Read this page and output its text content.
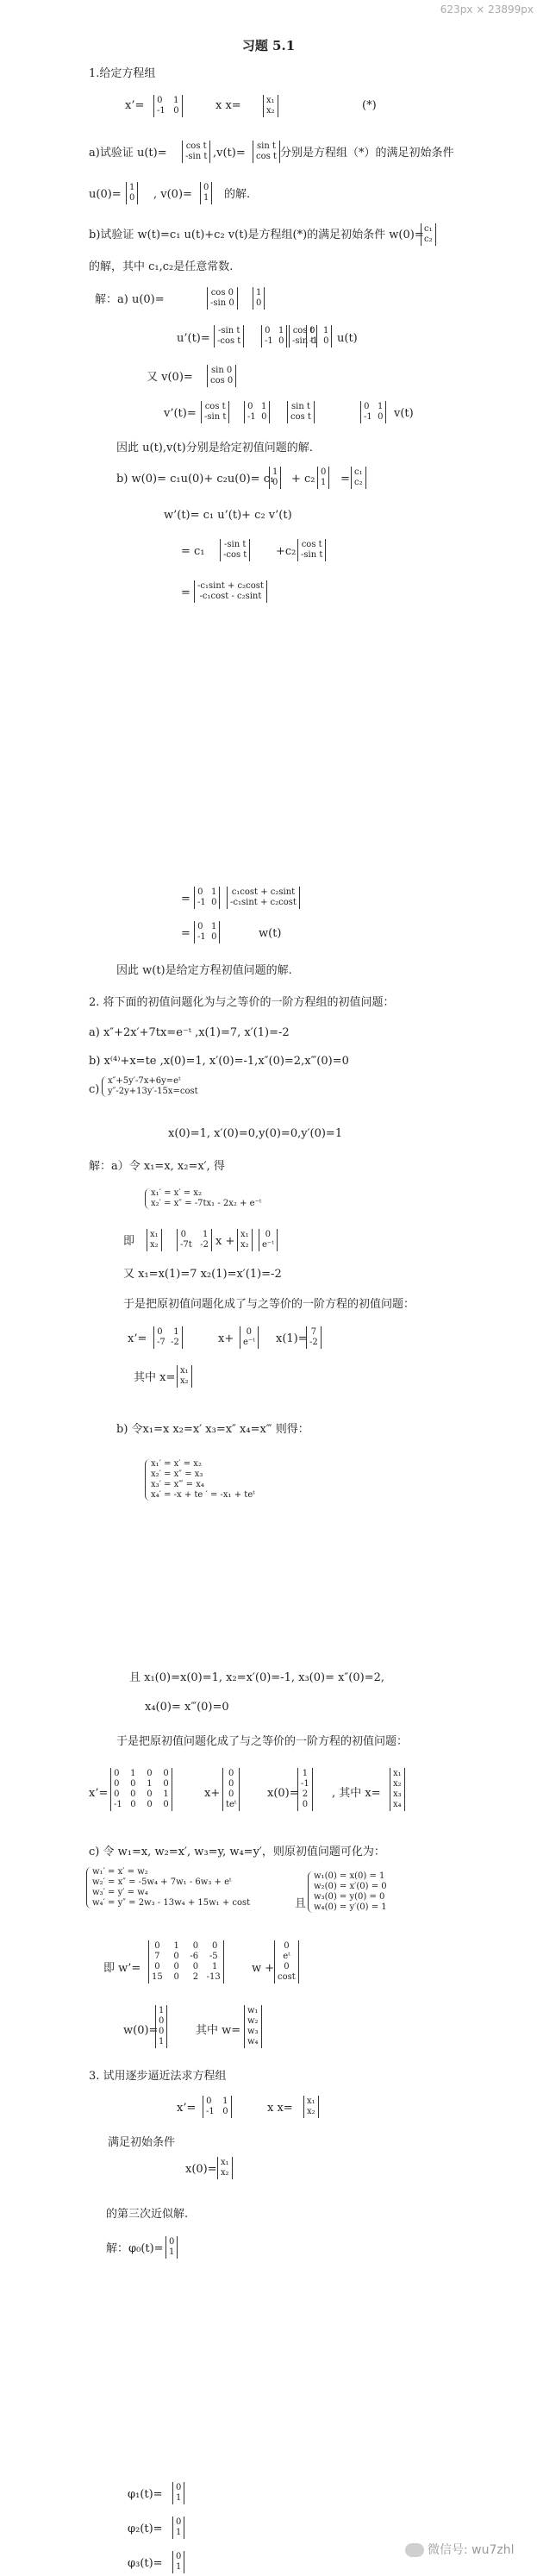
623px × 23899px
习题 5.1
1.给定方程组
x’=	x x=	(*)
a)试验证 u(t)=	,v(t)=	分别是方程组（*）的满足初始条件
u(0)=	, v(0)=	的解.
b)试验证 w(t)=c₁ u(t)+c₂ v(t)是方程组(*)的满足初始条件 w(0)=
的解，其中 c₁,c₂是任意常数.
解：a) u(0)=
u’(t)=	u(t)
又 v(0)=
v’(t)=	v(t)
因此 u(t),v(t)分别是给定初值问题的解.
b) w(0)= c₁u(0)+ c₂u(0)= c₁ + c₂ =
w’(t)= c₁ u’(t)+ c₂ v’(t)
= c₁	+c₂
=
=
=	w(t)
因此 w(t)是给定方程初值问题的解.
2. 将下面的初值问题化为与之等价的一阶方程组的初值问题：
a) x″+2x′+7tx=e⁻ᵗ ,x(1)=7, x′(1)=-2
b) x⁽⁴⁾+x=te ,x(0)=1, x′(0)=-1,x″(0)=2,x‴(0)=0
c)
x(0)=1, x′(0)=0,y(0)=0,y′(0)=1
解：a）令 x₁=x, x₂=x′, 得
即	x +
又 x₁=x(1)=7 x₂(1)=x′(1)=-2
于是把原初值问题化成了与之等价的一阶方程的初值问题：
x’=	x+	x(1)=
其中 x=
b) 令x₁=x x₂=x′ x₃=x″ x₄=x‴ 则得：
且 x₁(0)=x(0)=1, x₂=x′(0)=-1, x₃(0)= x″(0)=2,
x₄(0)= x‴(0)=0
于是把原初值问题化成了与之等价的一阶方程的初值问题：
x’=	x+	x(0)=	, 其中 x=
c) 令 w₁=x, w₂=x′, w₃=y, w₄=y′，则原初值问题可化为：
且
即 w’=	w +
w(0)=	其中 w=
3. 试用逐步逼近法求方程组
x’=	x x=
满足初始条件
x(0)=
的第三次近似解.
解：φ₀(t)=
φ₁(t)=
φ₂(t)=
φ₃(t)=
0    1
-1   0
x₁
x₂
cos t
-sin t
sin t
cos t
1
0
0
1
c₁
c₂
cos 0
-sin 0
1
0
-sin t
-cos t
0   1
-1  0
cos t
-sin t
0   1
-1  0
sin 0
cos 0
cos t
-sin t
0   1
-1  0
sin t
cos t
0   1
-1  0
1
0
0
1
c₁
c₂
-sin t
-cos t
cos t
-sin t
-c₁sint + c₂cost
-c₁cost - c₂sint
0   1
-1  0
c₁cost + c₂sint
-c₁sint + c₂cost
0   1
-1  0
x₁
x₂
0      1
-7t   -2
x₁
x₂
0
e⁻ᵗ
0    1
-7  -2
0
e⁻ᵗ
7
-2
x₁
x₂
0    1    0    0
0    0    1    0
0    0    0    1
-1   0    0    0
0
0
0
teᵗ
1
-1
2
0
x₁
x₂
x₃
x₄
0     1     0     0
7     0    -6    -5
0     0     0     1
15    0     2   -13
0
eᵗ
0
cost
1
0
0
1
w₁
w₂
w₃
w₄
0    1
-1   0
x₁
x₂
x₁
x₂
0
1
0
1
0
1
0
1
x″+5y′-7x+6y=eᵗ
y″-2y+13y′-15x=cost
x₁′ = x′ = x₂
x₂′ = x″ = -7tx₁ - 2x₂ + e⁻ᵗ
x₁′ = x′ = x₂
x₂′ = x″ = x₃
x₃′ = x‴ = x₄
x₄′ = -x + te ′ = -x₁ + teᵗ
w₁′ = x′ = w₂
w₂′ = x″ = -5w₄ + 7w₁ - 6w₃ + eᵗ
w₃′ = y′ = w₄
w₄′ = y″ = 2w₃ - 13w₄ + 15w₁ + cost
w₁(0) = x(0) = 1
w₂(0) = x′(0) = 0
w₃(0) = y(0) = 0
w₄(0) = y′(0) = 1
微信号: wu7zhl
